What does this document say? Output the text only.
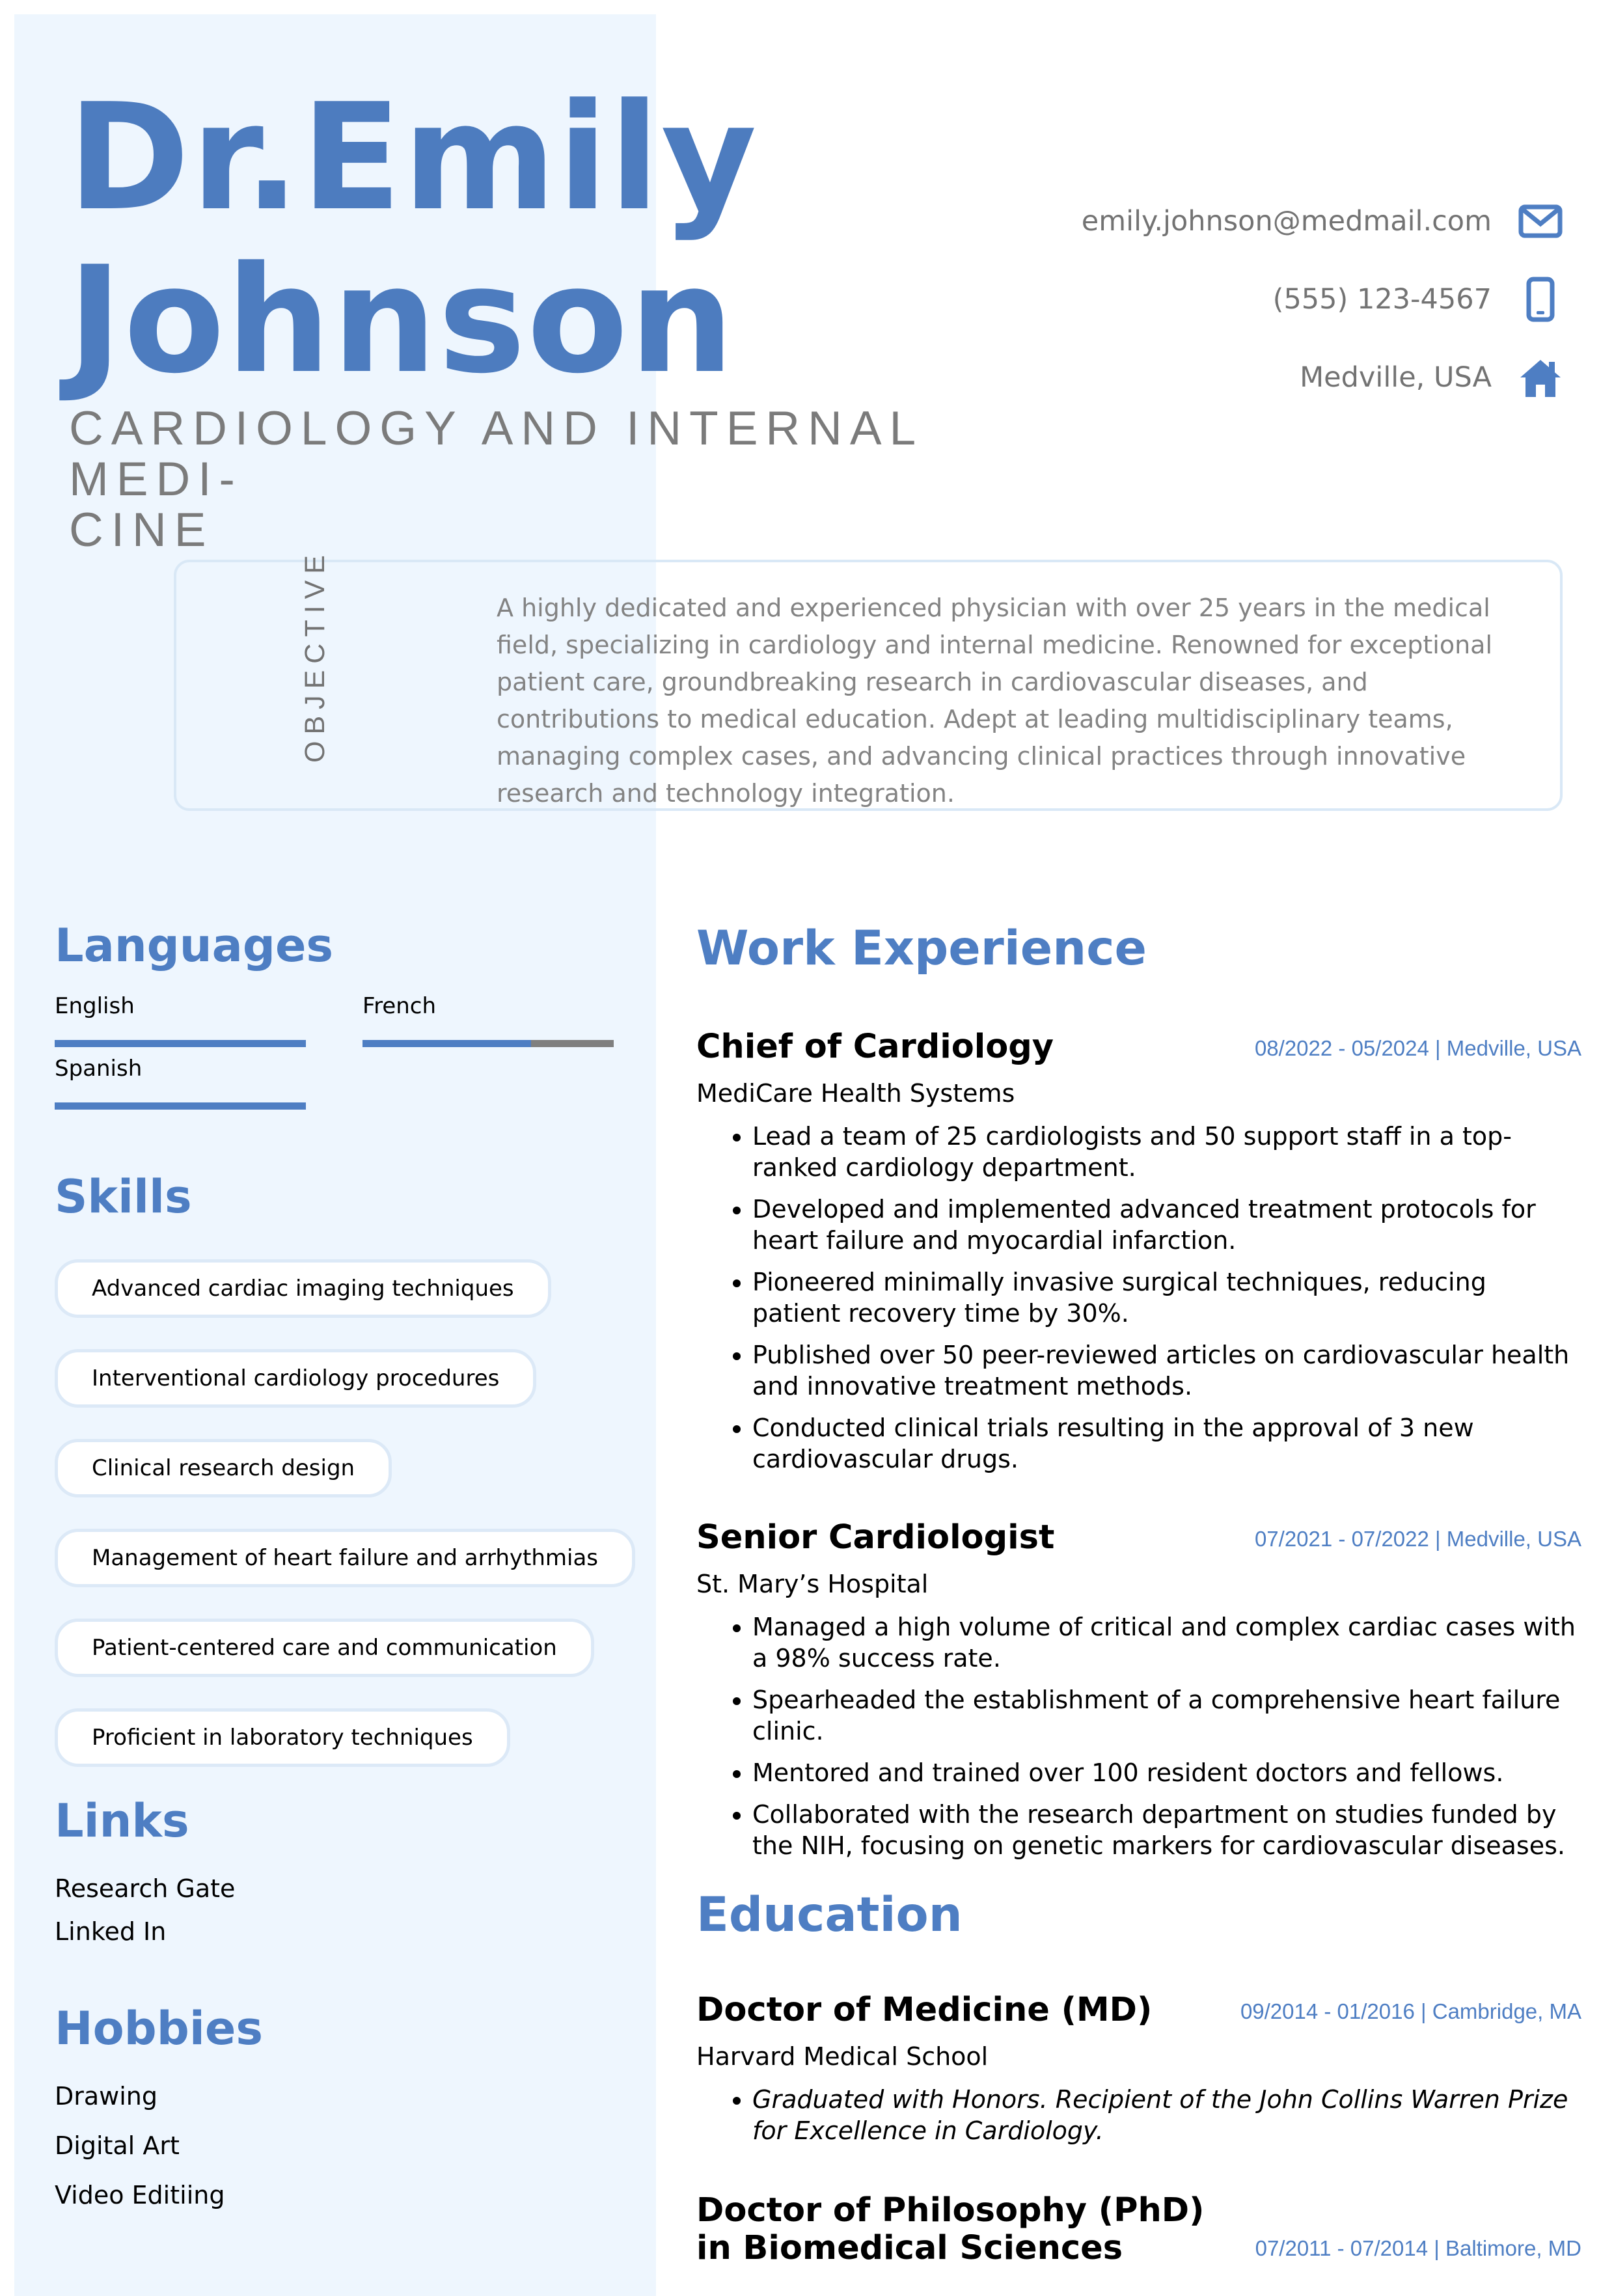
Dr.Emily
Johnson
CARDIOLOGY AND INTERNAL MEDI-
CINE
emily.johnson@medmail.com
(555) 123-4567
Medville, USA
OBJECTIVE	A highly dedicated and experienced physician with over 25 years in the medical field, specializing in cardiology and internal medicine. Renowned for exceptional patient care, groundbreaking research in cardiovascular diseases, and contributions to medical education. Adept at leading multidisciplinary teams, managing complex cases, and advancing clinical practices through innovative research and technology integration.
Languages
English	French
Spanish
Skills
Advanced cardiac imaging techniques
Interventional cardiology procedures
Clinical research design
Management of heart failure and arrhythmias
Patient-centered care and communication
Proficient in laboratory techniques
Links
Research Gate
Linked In
Hobbies
Drawing
Digital Art
Video Editiing
Work Experience
Chief of Cardiology	08/2022 - 05/2024 | Medville, USA
MediCare Health Systems
• Lead a team of 25 cardiologists and 50 support staff in a top-ranked cardiology department.
• Developed and implemented advanced treatment protocols for heart failure and myocardial infarction.
• Pioneered minimally invasive surgical techniques, reducing patient recovery time by 30%.
• Published over 50 peer-reviewed articles on cardiovascular health and innovative treatment methods.
• Conducted clinical trials resulting in the approval of 3 new cardiovascular drugs.
Senior Cardiologist	07/2021 - 07/2022 | Medville, USA
St. Mary’s Hospital
• Managed a high volume of critical and complex cardiac cases with a 98% success rate.
• Spearheaded the establishment of a comprehensive heart failure clinic.
• Mentored and trained over 100 resident doctors and fellows.
• Collaborated with the research department on studies funded by the NIH, focusing on genetic markers for cardiovascular diseases.
Education
Doctor of Medicine (MD)	09/2014 - 01/2016 | Cambridge, MA
Harvard Medical School
• Graduated with Honors. Recipient of the John Collins Warren Prize for Excellence in Cardiology.
Doctor of Philosophy (PhD) in Biomedical Sciences	07/2011 - 07/2014 | Baltimore, MD
